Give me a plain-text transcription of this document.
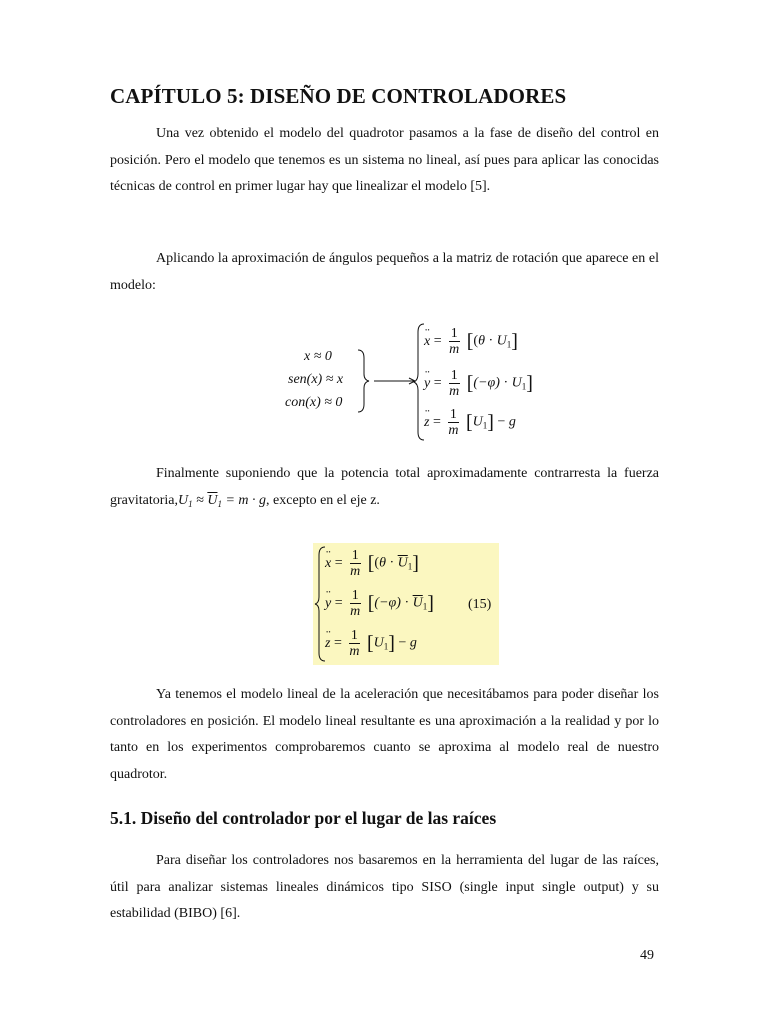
CAPÍTULO 5: DISEÑO DE CONTROLADORES

Una vez obtenido el modelo del quadrotor pasamos a la fase de diseño del control en posición. Pero el modelo que tenemos es un sistema no lineal, así pues para aplicar las conocidas técnicas de control en primer lugar hay que linealizar el modelo [5].

Aplicando la aproximación de ángulos pequeños a la matriz de rotación que aparece en el modelo:

x ≈ 0
sen(x) ≈ x
con(x) ≈ 0
¨ $x = \frac{1}{m} [(\theta \cdot U_1]$
¨ $y = \frac{1}{m} [(-\varphi) \cdot U_1]$
¨ $z = \frac{1}{m} [U_1] - g$

Finalmente suponiendo que la potencia total aproximadamente contrarresta la fuerza $gravitatoria,U_1 \approx \overline{U}_1 = m \cdot g$, excepto en el eje z.

¨ $x = \frac{1}{m} [(\theta \cdot \overline{U}_1]$
¨ $y = \frac{1}{m} [(-\varphi) \cdot \overline{U}_1]$
¨ $z = \frac{1}{m} [U_1] - g$
(15)

Ya tenemos el modelo lineal de la aceleración que necesitábamos para poder diseñar los controladores en posición. El modelo lineal resultante es una aproximación a la realidad y por lo tanto en los experimentos comprobaremos cuanto se aproxima al modelo real de nuestro quadrotor.

5.1. Diseño del controlador por el lugar de las raíces

Para diseñar los controladores nos basaremos en la herramienta del lugar de las raíces, útil para analizar sistemas lineales dinámicos tipo SISO (single input single output) y su estabilidad (BIBO) [6].

49
